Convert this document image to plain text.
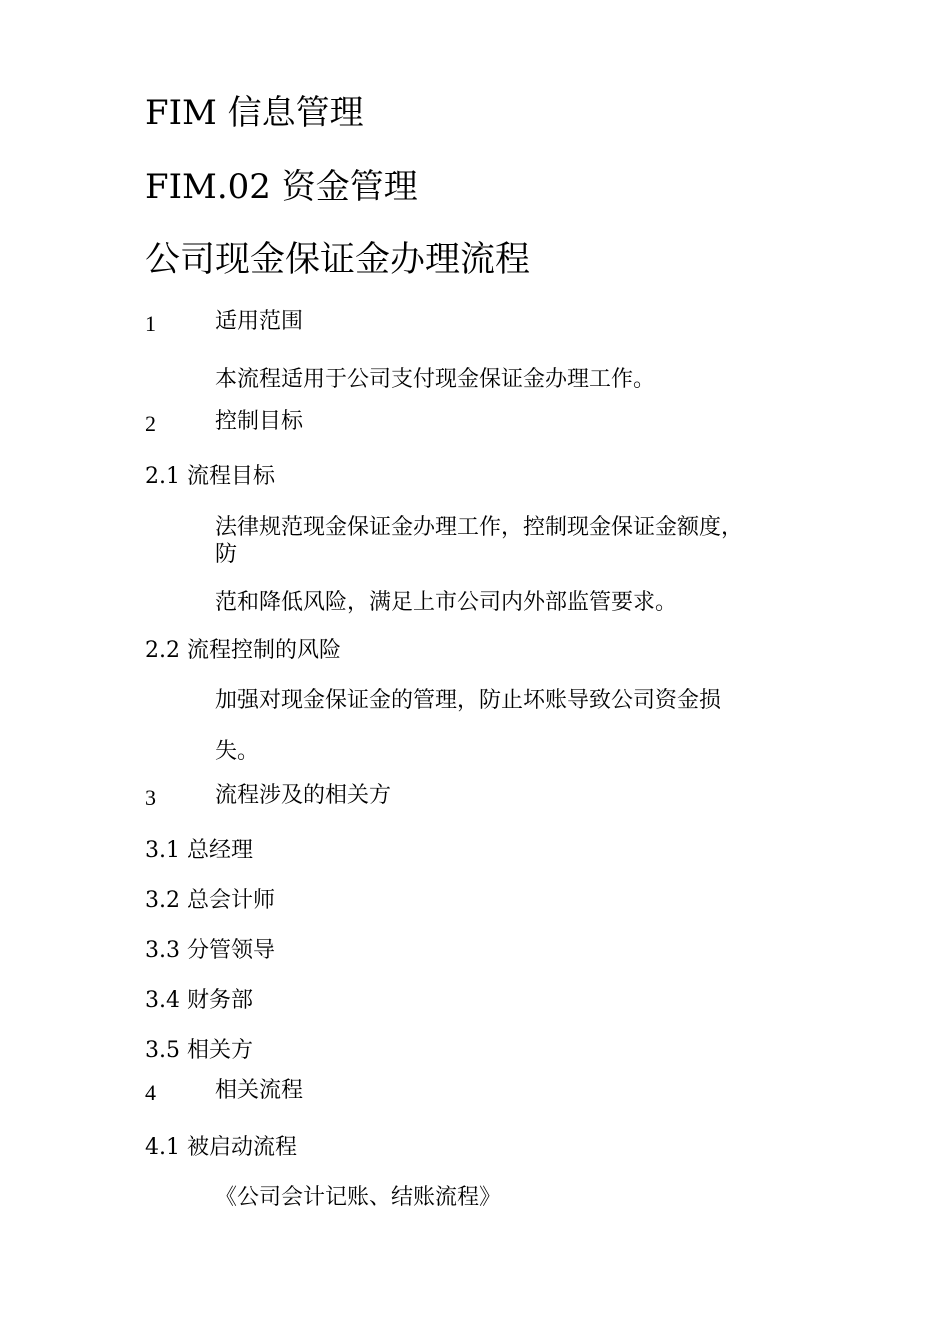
FIM 信息管理
FIM.02 资金管理
公司现金保证金办理流程
1	适用范围
本流程适用于公司支付现金保证金办理工作。
2	控制目标
2.1 流程目标
法律规范现金保证金办理工作，控制现金保证金额度，
防
范和降低风险，满足上市公司内外部监管要求。
2.2 流程控制的风险
加强对现金保证金的管理，防止坏账导致公司资金损
失。
3	流程涉及的相关方
3.1 总经理
3.2 总会计师
3.3 分管领导
3.4 财务部
3.5 相关方
4	相关流程
4.1 被启动流程
《公司会计记账、结账流程》
